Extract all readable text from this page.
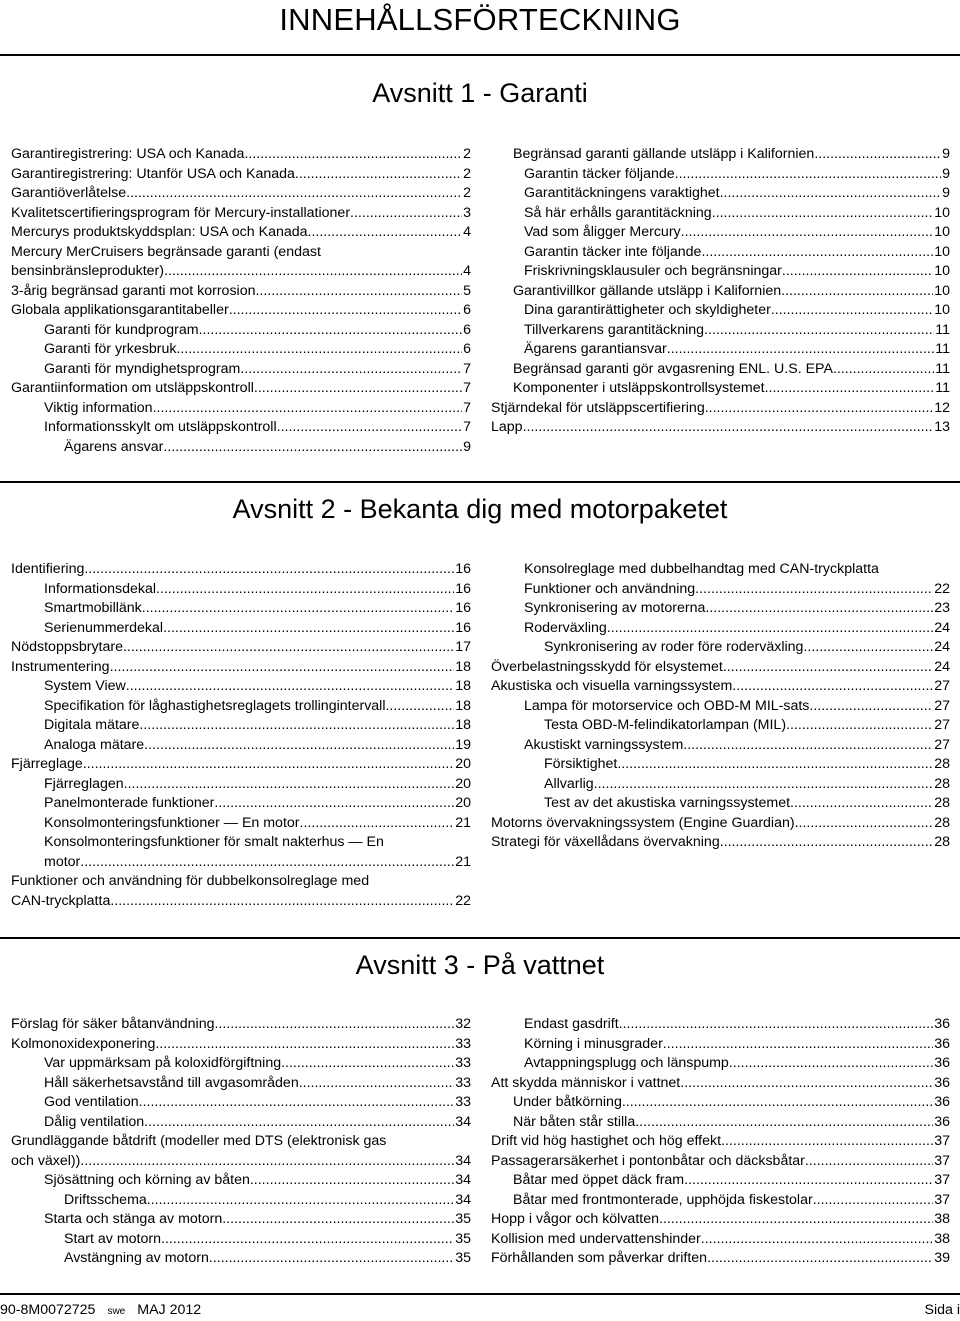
INNEHÅLLSFÖRTECKNING
Avsnitt 1 - Garanti
Garantiregistrering: USA och Kanada .....	2
Garantiregistrering: Utanför USA och Kanada .....	2
Garantiöverlåtelse .....	2
Kvalitetscertifieringsprogram för Mercury-installationer .....	3
Mercurys produktskyddsplan: USA och Kanada .....	4
Mercury MerCruisers begränsade garanti (endast
bensinbränsleprodukter) .....	4
3-årig begränsad garanti mot korrosion .....	5
Globala applikationsgarantitabeller .....	6
Garanti för kundprogram .....	6
Garanti för yrkesbruk .....	6
Garanti för myndighetsprogram .....	7
Garantiinformation om utsläppskontroll .....	7
Viktig information .....	7
Informationsskylt om utsläppskontroll .....	7
Ägarens ansvar .....	9
Begränsad garanti gällande utsläpp i Kalifornien .....	9
Garantin täcker följande .....	9
Garantitäckningens varaktighet .....	9
Så här erhålls garantitäckning .....	10
Vad som åligger Mercury .....	10
Garantin täcker inte följande .....	10
Friskrivningsklausuler och begränsningar .....	10
Garantivillkor gällande utsläpp i Kalifornien .....	10
Dina garantirättigheter och skyldigheter .....	10
Tillverkarens garantitäckning .....	11
Ägarens garantiansvar .....	11
Begränsad garanti gör avgasrening ENL. U.S. EPA .....	11
Komponenter i utsläppskontrollsystemet .....	11
Stjärndekal för utsläppscertifiering .....	12
Lapp .....	13
Avsnitt 2 - Bekanta dig med motorpaketet
Identifiering .....	16
Informationsdekal .....	16
Smartmobillänk .....	16
Serienummerdekal .....	16
Nödstoppsbrytare .....	17
Instrumentering .....	18
System View .....	18
Specifikation för låghastighetsreglagets trollingintervall .....	18
Digitala mätare .....	18
Analoga mätare .....	19
Fjärreglage .....	20
Fjärreglagen .....	20
Panelmonterade funktioner .....	20
Konsolmonteringsfunktioner — En motor .....	21
Konsolmonteringsfunktioner för smalt nakterhus — En
motor .....	21
Funktioner och användning för dubbelkonsolreglage med
CAN-tryckplatta .....	22
Konsolreglage med dubbelhandtag med CAN-tryckplatta
Funktioner och användning .....	22
Synkronisering av motorerna .....	23
Roderväxling .....	24
Synkronisering av roder före roderväxling .....	24
Överbelastningsskydd för elsystemet .....	24
Akustiska och visuella varningssystem .....	27
Lampa för motorservice och OBD-M MIL-sats .....	27
Testa OBD-M-felindikatorlampan (MIL) .....	27
Akustiskt varningssystem .....	27
Försiktighet .....	28
Allvarlig .....	28
Test av det akustiska varningssystemet .....	28
Motorns övervakningssystem (Engine Guardian) .....	28
Strategi för växellådans övervakning .....	28
Avsnitt 3 - På vattnet
Förslag för säker båtanvändning .....	32
Kolmonoxidexponering .....	33
Var uppmärksam på koloxidförgiftning .....	33
Håll säkerhetsavstånd till avgasområden .....	33
God ventilation .....	33
Dålig ventilation .....	34
Grundläggande båtdrift (modeller med DTS (elektronisk gas
och växel)) .....	34
Sjösättning och körning av båten .....	34
Driftsschema .....	34
Starta och stänga av motorn .....	35
Start av motorn .....	35
Avstängning av motorn .....	35
Endast gasdrift .....	36
Körning i minusgrader .....	36
Avtappningsplugg och länspump .....	36
Att skydda människor i vattnet .....	36
Under båtkörning .....	36
När båten står stilla .....	36
Drift vid hög hastighet och hög effekt .....	37
Passagerarsäkerhet i pontonbåtar och däcksbåtar .....	37
Båtar med öppet däck fram .....	37
Båtar med frontmonterade, upphöjda fiskestolar .....	37
Hopp i vågor och kölvatten .....	38
Kollision med undervattenshinder .....	38
Förhållanden som påverkar driften .....	39
90-8M0072725 swe MAJ 2012	Sida i
